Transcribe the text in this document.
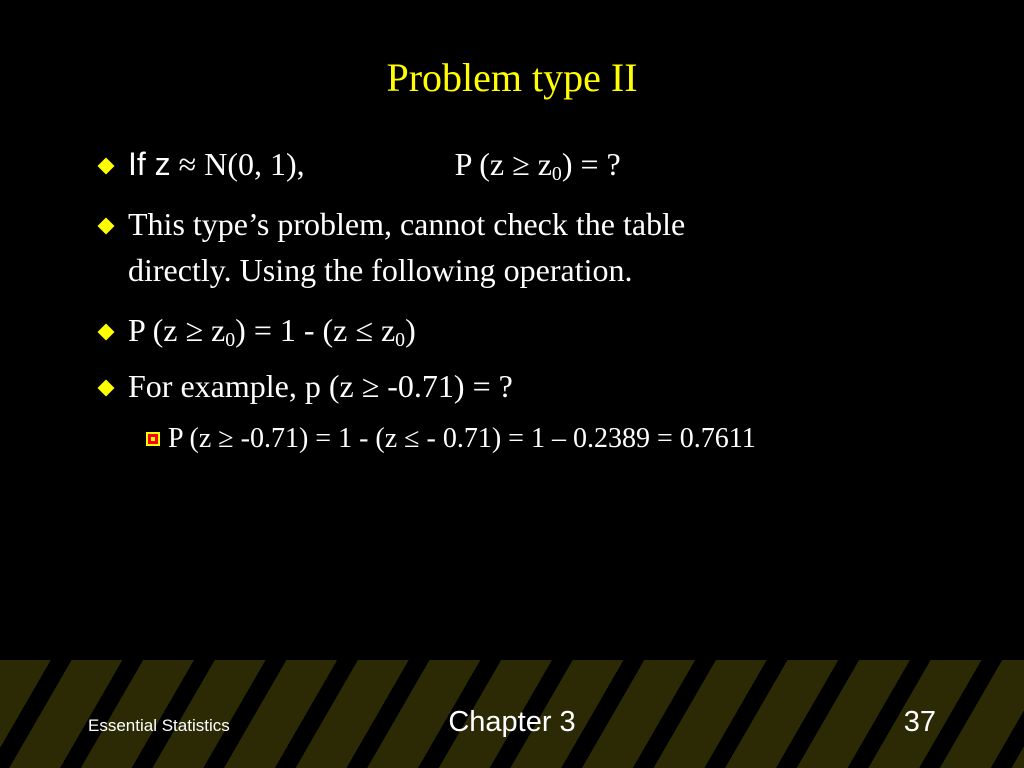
Problem type II
If z ≈ N(0, 1),	P $(z \ge z_0)$ = ?
This type’s problem, cannot check the table
directly. Using the following operation.
P $(z \ge z_0) = 1 - (z \le z_0)$
For example, p (z ≥ -0.71) = ?
P (z ≥ -0.71) = 1 - (z ≤ - 0.71) = 1 – 0.2389 = 0.7611
Essential Statistics	Chapter 3	37
